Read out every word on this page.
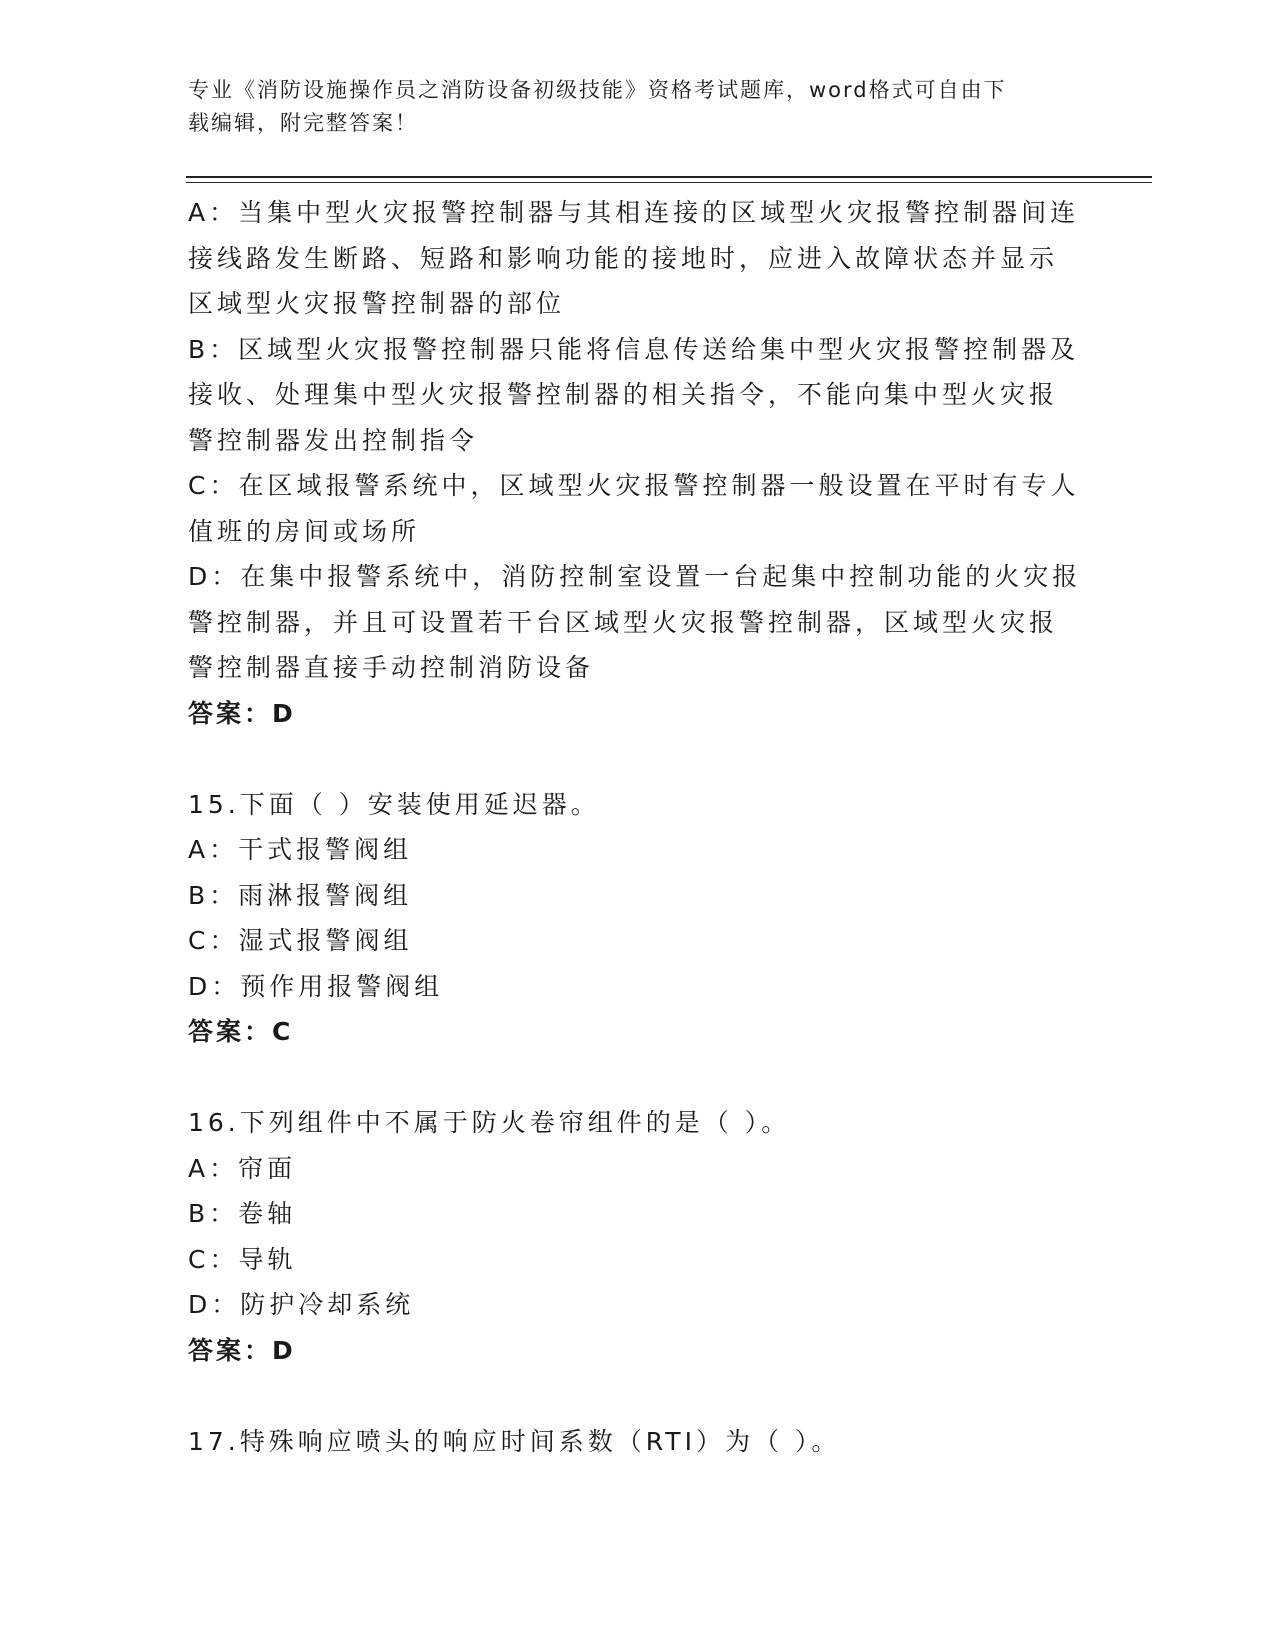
专业《消防设施操作员之消防设备初级技能》资格考试题库，word格式可自由下
载编辑，附完整答案！
A：当集中型火灾报警控制器与其相连接的区域型火灾报警控制器间连
接线路发生断路、短路和影响功能的接地时，应进入故障状态并显示
区域型火灾报警控制器的部位
B：区域型火灾报警控制器只能将信息传送给集中型火灾报警控制器及
接收、处理集中型火灾报警控制器的相关指令，不能向集中型火灾报
警控制器发出控制指令
C：在区域报警系统中，区域型火灾报警控制器一般设置在平时有专人
值班的房间或场所
D：在集中报警系统中，消防控制室设置一台起集中控制功能的火灾报
警控制器，并且可设置若干台区域型火灾报警控制器，区域型火灾报
警控制器直接手动控制消防设备
答案：D
15.下面（ ）安装使用延迟器。
A：干式报警阀组
B：雨淋报警阀组
C：湿式报警阀组
D：预作用报警阀组
答案：C
16.下列组件中不属于防火卷帘组件的是（ ）。
A：帘面
B：卷轴
C：导轨
D：防护冷却系统
答案：D
17.特殊响应喷头的响应时间系数（RTI）为（ ）。
